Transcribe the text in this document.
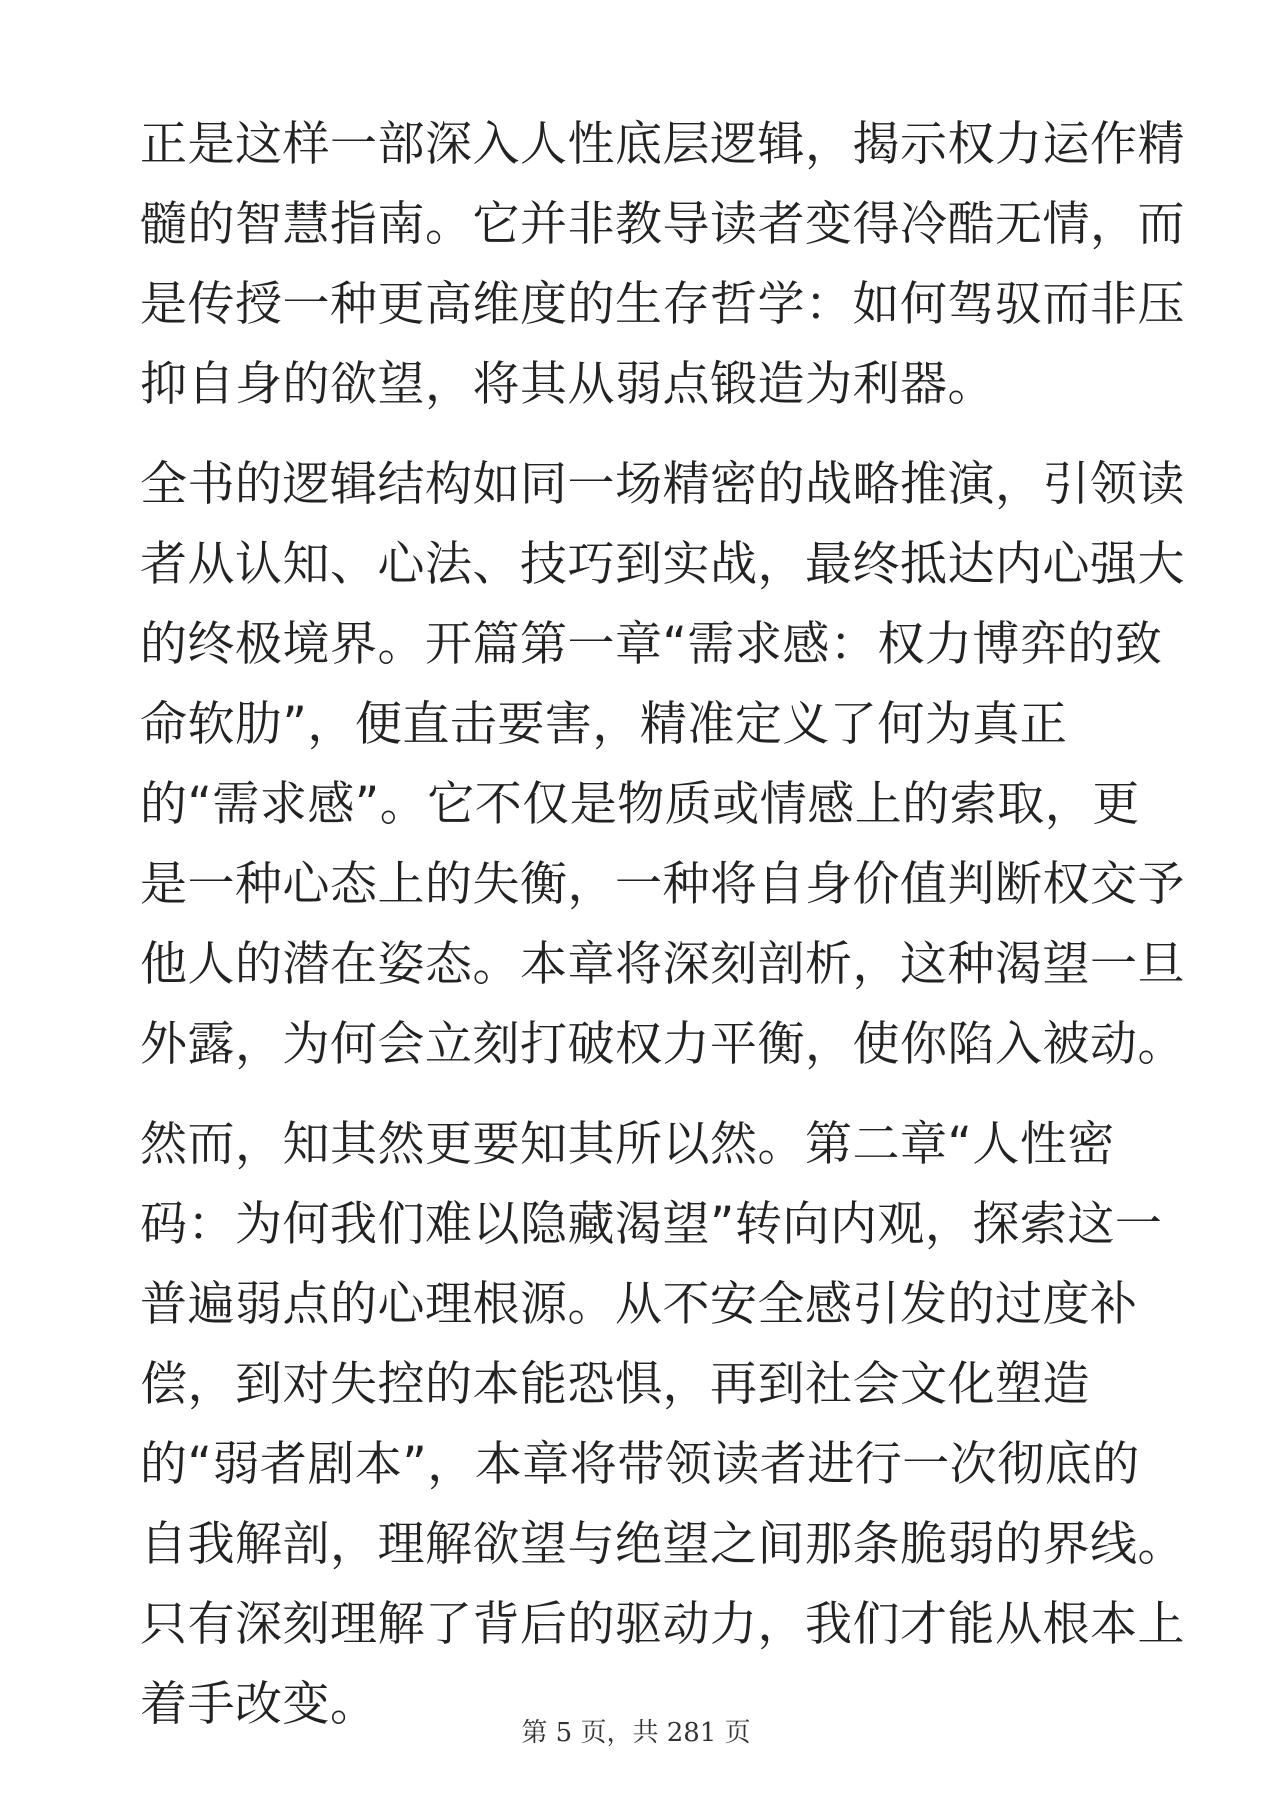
正是这样一部深入人性底层逻辑，揭示权力运作精
髓的智慧指南。它并非教导读者变得冷酷无情，而
是传授一种更高维度的生存哲学：如何驾驭而非压
抑自身的欲望，将其从弱点锻造为利器。
全书的逻辑结构如同一场精密的战略推演，引领读
者从认知、心法、技巧到实战，最终抵达内心强大
的终极境界。开篇第一章“需求感：权力博弈的致
命软肋”，便直击要害，精准定义了何为真正
的“需求感”。它不仅是物质或情感上的索取，更
是一种心态上的失衡，一种将自身价值判断权交予
他人的潜在姿态。本章将深刻剖析，这种渴望一旦
外露，为何会立刻打破权力平衡，使你陷入被动。
然而，知其然更要知其所以然。第二章“人性密
码：为何我们难以隐藏渴望”转向内观，探索这一
普遍弱点的心理根源。从不安全感引发的过度补
偿，到对失控的本能恐惧，再到社会文化塑造
的“弱者剧本”，本章将带领读者进行一次彻底的
自我解剖，理解欲望与绝望之间那条脆弱的界线。
只有深刻理解了背后的驱动力，我们才能从根本上
着手改变。
第 5 页，共 281 页
